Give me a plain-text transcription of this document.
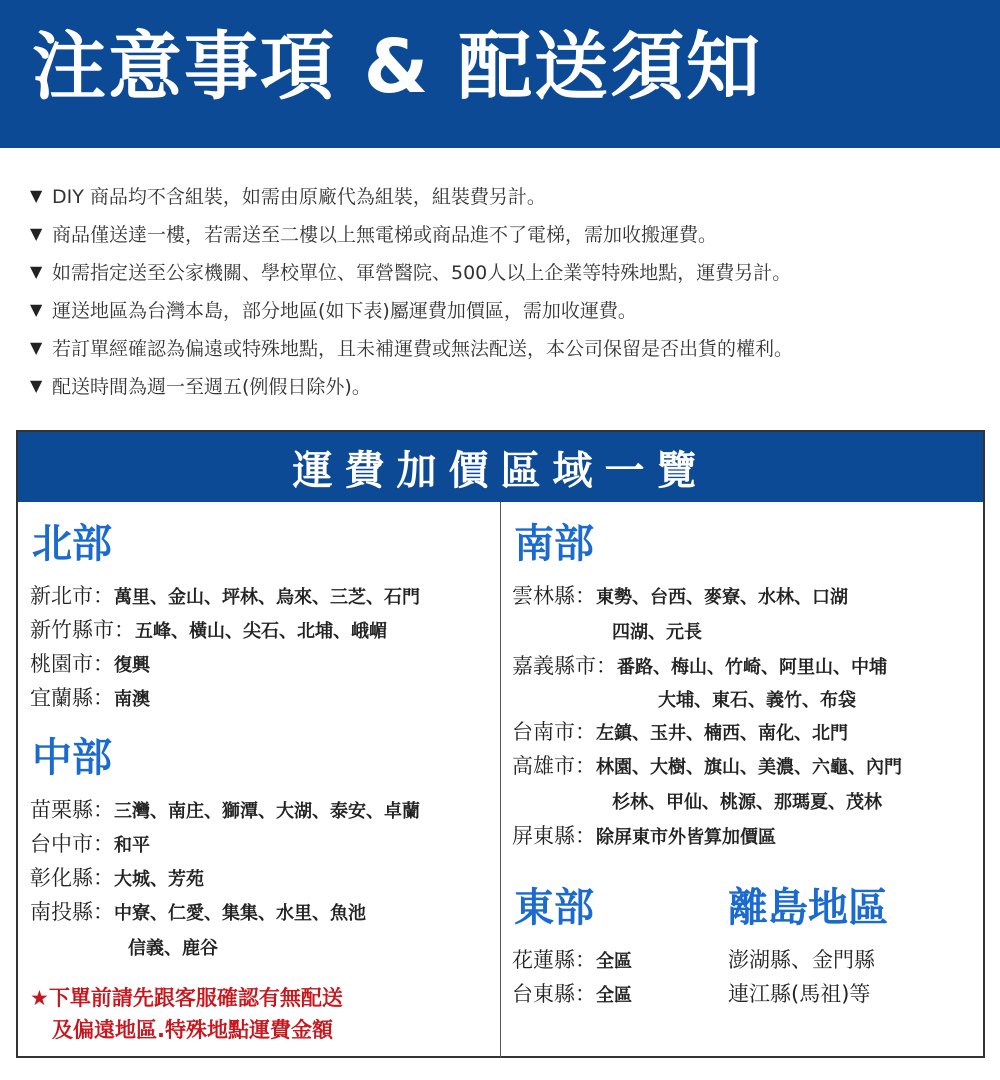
注意事項 & 配送須知
▼ DIY 商品均不含組裝，如需由原廠代為組裝，組裝費另計。
▼ 商品僅送達一樓，若需送至二樓以上無電梯或商品進不了電梯，需加收搬運費。
▼ 如需指定送至公家機關、學校單位、軍營醫院、500人以上企業等特殊地點，運費另計。
▼ 運送地區為台灣本島，部分地區(如下表)屬運費加價區，需加收運費。
▼ 若訂單經確認為偏遠或特殊地點，且未補運費或無法配送，本公司保留是否出貨的權利。
▼ 配送時間為週一至週五(例假日除外)。
運費加價區域一覽
北部
新北市： 萬里、金山、坪林、烏來、三芝、石門
新竹縣市： 五峰、橫山、尖石、北埔、峨嵋
桃園市： 復興
宜蘭縣： 南澳
中部
苗栗縣： 三灣、南庄、獅潭、大湖、泰安、卓蘭
台中市： 和平
彰化縣： 大城、芳苑
南投縣： 中寮、仁愛、集集、水里、魚池
信義、鹿谷
★下單前請先跟客服確認有無配送
及偏遠地區.特殊地點運費金額
南部
雲林縣： 東勢、台西、麥寮、水林、口湖
四湖、元長
嘉義縣市： 番路、梅山、竹崎、阿里山、中埔
大埔、東石、義竹、布袋
台南市： 左鎮、玉井、楠西、南化、北門
高雄市： 林園、大樹、旗山、美濃、六龜、內門
杉林、甲仙、桃源、那瑪夏、茂林
屏東縣： 除屏東市外皆算加價區
東部
花蓮縣： 全區
台東縣： 全區
離島地區
澎湖縣、金門縣
連江縣(馬祖)等
